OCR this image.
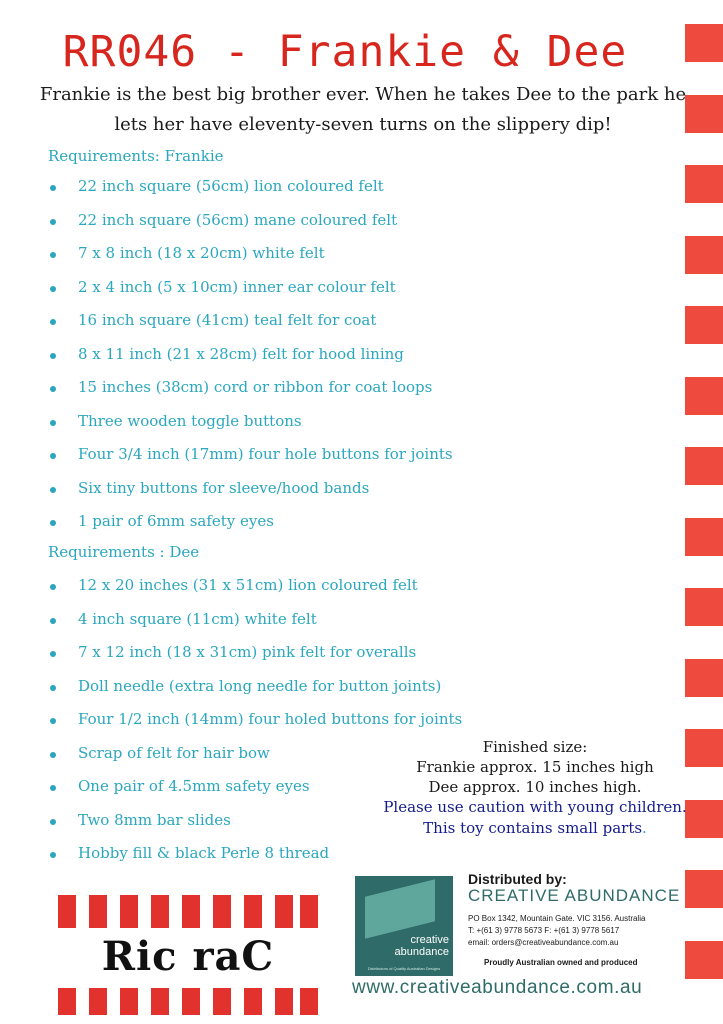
RR046 - Frankie & Dee
Frankie is the best big brother ever. When he takes Dee to the park he lets her have eleventy-seven turns on the slippery dip!
Requirements: Frankie
22 inch square (56cm) lion coloured felt
22 inch square (56cm) mane coloured felt
7 x 8 inch (18 x 20cm) white felt
2 x 4 inch (5 x 10cm) inner ear colour felt
16 inch square (41cm) teal felt for coat
8 x 11 inch (21 x 28cm) felt for hood lining
15 inches (38cm) cord or ribbon for coat loops
Three wooden toggle buttons
Four 3/4 inch (17mm) four hole buttons for joints
Six tiny buttons for sleeve/hood bands
1 pair of 6mm safety eyes
Requirements : Dee
12 x 20 inches (31 x 51cm) lion coloured felt
4 inch square (11cm) white felt
7 x 12 inch (18 x 31cm) pink felt for overalls
Doll needle (extra long needle for button joints)
Four 1/2 inch (14mm) four holed buttons for joints
Scrap of felt for hair bow
One pair of 4.5mm safety eyes
Two 8mm bar slides
Hobby fill & black Perle 8 thread
Finished size:
Frankie approx. 15 inches high
Dee approx. 10 inches high.
Please use caution with young children. This toy contains small parts.
Ric raC	creative
abundance
Distributors of Quality Australian Designs
Distributed by:
CREATIVE ABUNDANCE
PO Box 1342, Mountain Gate. VIC 3156. Australia
T: +(61 3) 9778 5673 F: +(61 3) 9778 5617
email: orders@creativeabundance.com.au
Proudly Australian owned and produced
www.creativeabundance.com.au
